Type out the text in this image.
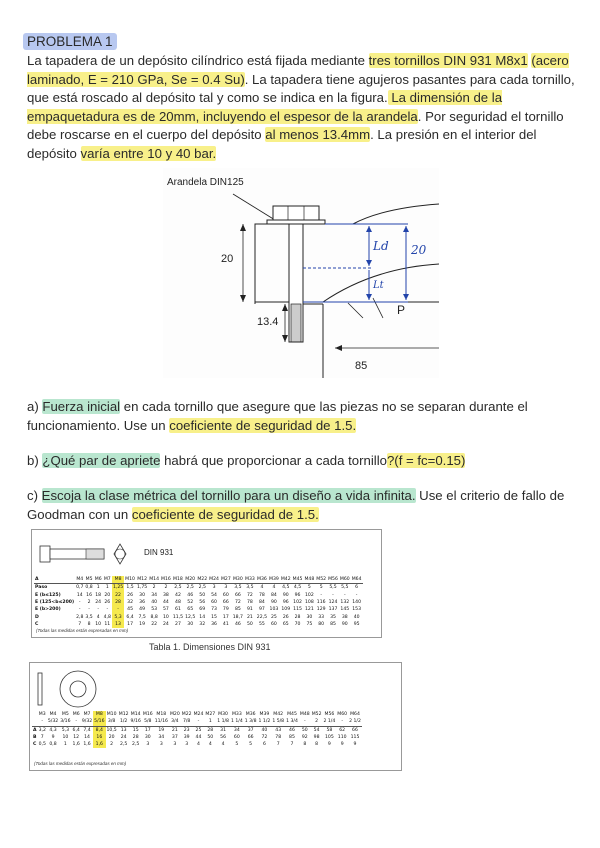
PROBLEMA 1
La tapadera de un depósito cilíndrico está fijada mediante tres tornillos DIN 931 M8x1 (acero laminado, E = 210 GPa, Se = 0.4 Su). La tapadera tiene agujeros pasantes para cada tornillo, que está roscado al depósito tal y como se indica en la figura. La dimensión de la empaquetadura es de 20mm, incluyendo el espesor de la arandela. Por seguridad el tornillo debe roscarse en el cuerpo del depósito al menos 13.4mm. La presión en el interior del depósito varía entre 10 y 40 bar.
Arandela DIN125
P
20
13.4
85
Ld 20
Lt
a) Fuerza inicial en cada tornillo que asegure que las piezas no se separan durante el funcionamiento. Use un coeficiente de seguridad de 1.5.
b) ¿Qué par de apriete habrá que proporcionar a cada tornillo?(f = fc=0.15)
c) Escoja la clase métrica del tornillo para un diseño a vida infinita. Use el criterio de fallo de Goodman con un coeficiente de seguridad de 1.5.
DIN 931
A	M4	M5	M6	M7	M8	M10	M12	M14	M16	M18	M20	M22	M24	M27	M30	M33	M36	M39	M42	M45	M48	M52	M56	M60	M64
Paso	0,7	0,8	1	1	1,25	1,5	1,75	2	2	2,5	2,5	2,5	3	3	3,5	3,5	4	4	4,5	4,5	5	5	5,5	5,5	6
E (b≤125)	14	16	18	20	22	26	30	34	38	42	46	50	54	60	66	72	78	84	90	96	102	-	-	-	-
E (125<b≤200)	-	2	24	26	28	32	36	40	44	48	52	56	60	66	72	78	84	90	96	102	108	116	124	132	140
E (b>200)	-	-	-	-	-	45	49	53	57	61	65	69	73	79	85	91	97	103	109	115	121	129	137	145	153
D	2,8	3,5	4	4,8	5,3	6,4	7,5	8,8	10	11,5	12,5	14	15	17	18,7	21	22,5	25	26	28	30	33	35	38	40
C	7	8	10	11	13	17	19	22	24	27	30	32	36	41	46	50	55	60	65	70	75	80	85	90	95
(Todas las medidas están expresadas en mm)
Tabla 1. Dimensiones DIN 931
	M3	M4	M5	M6	M7	M8	M10	M12	M14	M16	M18	M20	M22	M24	M27	M30	M33	M36	M39	M42	M45	M48	M52	M56	M60	M64
	-	5/32	3/16	-	9/32	5/16	3/8	1/2	9/16	5/8	11/16	3/4	7/8	-	1	1 1/8	1 1/4	1 3/8	1 1/2	1 5/8	1 3/4	-	2	2 1/4	-	2 1/2
A	3,2	4,3	5,3	6,4	7,4	8,4	10,5	13	15	17	19	21	23	25	28	31	34	37	40	43	46	50	54	58	62	66
B	7	9	10	12	14	16	20	24	28	30	34	37	39	44	50	56	60	66	72	78	85	92	98	105	110	115
C	0,5	0,8	1	1,6	1,6	1,6	2	2,5	2,5	3	3	3	3	4	4	4	5	5	6	7	7	8	8	9	9	9
(Todas las medidas están expresadas en mm)
